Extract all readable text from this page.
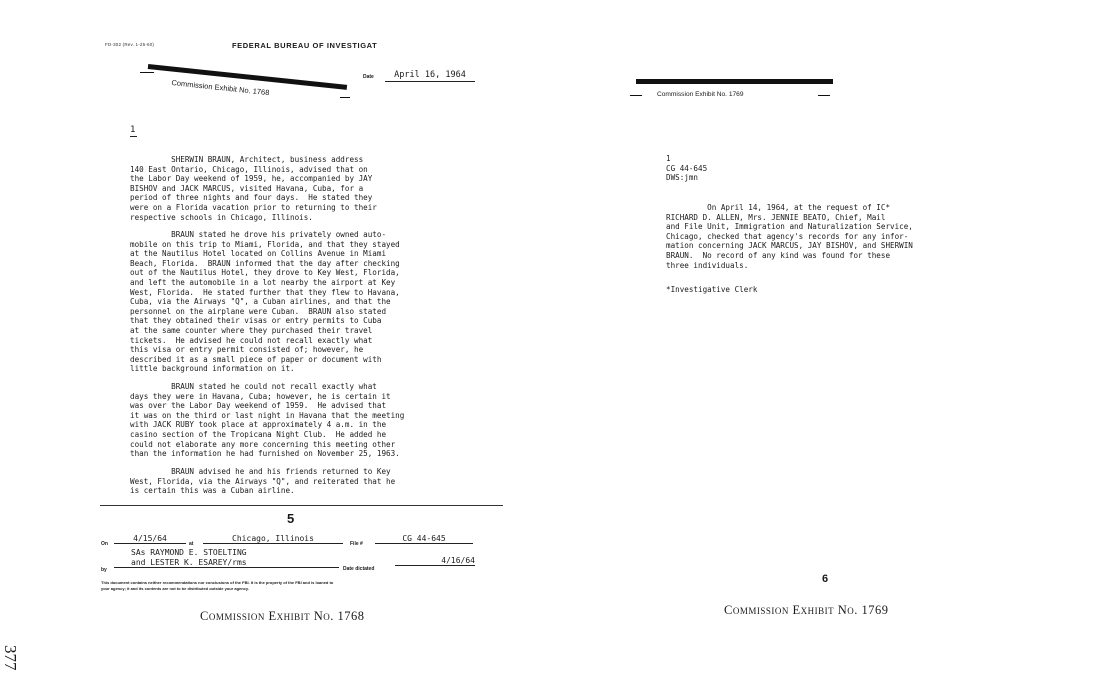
FD-302 (Rev. 1-25-60)	FEDERAL BUREAU OF INVESTIGAT
Commission Exhibit No. 1768
Date	April 16, 1964
1
SHERWIN BRAUN, Architect, business address
140 East Ontario, Chicago, Illinois, advised that on
the Labor Day weekend of 1959, he, accompanied by JAY
BISHOV and JACK MARCUS, visited Havana, Cuba, for a
period of three nights and four days.  He stated they
were on a Florida vacation prior to returning to their
respective schools in Chicago, Illinois.
BRAUN stated he drove his privately owned auto-
mobile on this trip to Miami, Florida, and that they stayed
at the Nautilus Hotel located on Collins Avenue in Miami
Beach, Florida.  BRAUN informed that the day after checking
out of the Nautilus Hotel, they drove to Key West, Florida,
and left the automobile in a lot nearby the airport at Key
West, Florida.  He stated further that they flew to Havana,
Cuba, via the Airways "Q", a Cuban airlines, and that the
personnel on the airplane were Cuban.  BRAUN also stated
that they obtained their visas or entry permits to Cuba
at the same counter where they purchased their travel
tickets.  He advised he could not recall exactly what
this visa or entry permit consisted of; however, he
described it as a small piece of paper or document with
little background information on it.
BRAUN stated he could not recall exactly what
days they were in Havana, Cuba; however, he is certain it
was over the Labor Day weekend of 1959.  He advised that
it was on the third or last night in Havana that the meeting
with JACK RUBY took place at approximately 4 a.m. in the
casino section of the Tropicana Night Club.  He added he
could not elaborate any more concerning this meeting other
than the information he had furnished on November 25, 1963.
BRAUN advised he and his friends returned to Key
West, Florida, via the Airways "Q", and reiterated that he
is certain this was a Cuban airline.
5
On
4/15/64
at
Chicago, Illinois
File #
CG 44-645
SAs RAYMOND E. STOELTING
by
and LESTER K. ESAREY/rms
Date dictated
4/16/64
This document contains neither recommendations nor conclusions of the FBI. It is the property of the FBI and is loaned to
your agency; it and its contents are not to be distributed outside your agency.
Commission Exhibit No. 1768
377
Commission Exhibit No. 1769
1
CG 44-645
DWS:jmn
On April 14, 1964, at the request of IC*
RICHARD D. ALLEN, Mrs. JENNIE BEATO, Chief, Mail
and File Unit, Immigration and Naturalization Service,
Chicago, checked that agency's records for any infor-
mation concerning JACK MARCUS, JAY BISHOV, and SHERWIN
BRAUN.  No record of any kind was found for these
three individuals.
*Investigative Clerk
6
Commission Exhibit No. 1769
